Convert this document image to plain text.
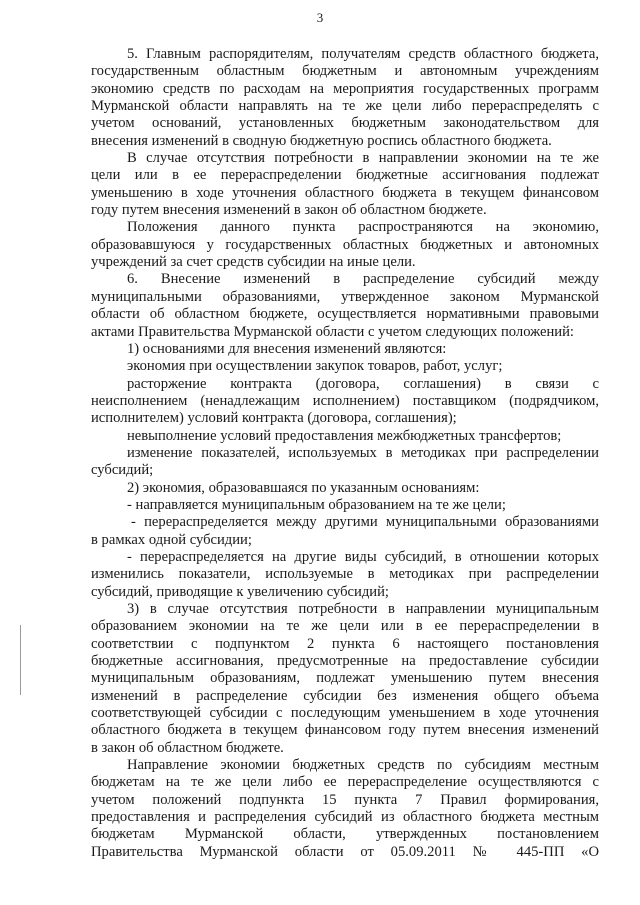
3

5. Главным распорядителям, получателям средств областного бюджета,

государственным областным бюджетным и автономным учреждениям

экономию средств по расходам на мероприятия государственных программ

Мурманской области направлять на те же цели либо перераспределять с

учетом оснований, установленных бюджетным законодательством для

внесения изменений в сводную бюджетную роспись областного бюджета.

В случае отсутствия потребности в направлении экономии на те же

цели или в ее перераспределении бюджетные ассигнования подлежат

уменьшению в ходе уточнения областного бюджета в текущем финансовом

году путем внесения изменений в закон об областном бюджете.

Положения данного пункта распространяются на экономию,

образовавшуюся у государственных областных бюджетных и автономных

учреждений за счет средств субсидии на иные цели.

6. Внесение изменений в распределение субсидий между

муниципальными образованиями, утвержденное законом Мурманской

области об областном бюджете, осуществляется нормативными правовыми

актами Правительства Мурманской области с учетом следующих положений:

1) основаниями для внесения изменений являются:

экономия при осуществлении закупок товаров, работ, услуг;

расторжение контракта (договора, соглашения) в связи с

неисполнением (ненадлежащим исполнением) поставщиком (подрядчиком,

исполнителем) условий контракта (договора, соглашения);

невыполнение условий предоставления межбюджетных трансфертов;

изменение показателей, используемых в методиках при распределении

субсидий;

2) экономия, образовавшаяся по указанным основаниям:

- направляется муниципальным образованием на те же цели;

- перераспределяется между другими муниципальными образованиями

в рамках одной субсидии;

- перераспределяется на другие виды субсидий, в отношении которых

изменились показатели, используемые в методиках при распределении

субсидий, приводящие к увеличению субсидий;

3) в случае отсутствия потребности в направлении муниципальным

образованием экономии на те же цели или в ее перераспределении в

соответствии с подпунктом 2 пункта 6 настоящего постановления

бюджетные ассигнования, предусмотренные на предоставление субсидии

муниципальным образованиям, подлежат уменьшению путем внесения

изменений в распределение субсидии без изменения общего объема

соответствующей субсидии с последующим уменьшением в ходе уточнения

областного бюджета в текущем финансовом году путем внесения изменений

в закон об областном бюджете.

Направление экономии бюджетных средств по субсидиям местным

бюджетам на те же цели либо ее перераспределение осуществляются с

учетом положений подпункта 15 пункта 7 Правил формирования,

предоставления и распределения субсидий из областного бюджета местным

бюджетам Мурманской области, утвержденных постановлением

Правительства Мурманской области от 05.09.2011 № 445-ПП «О
